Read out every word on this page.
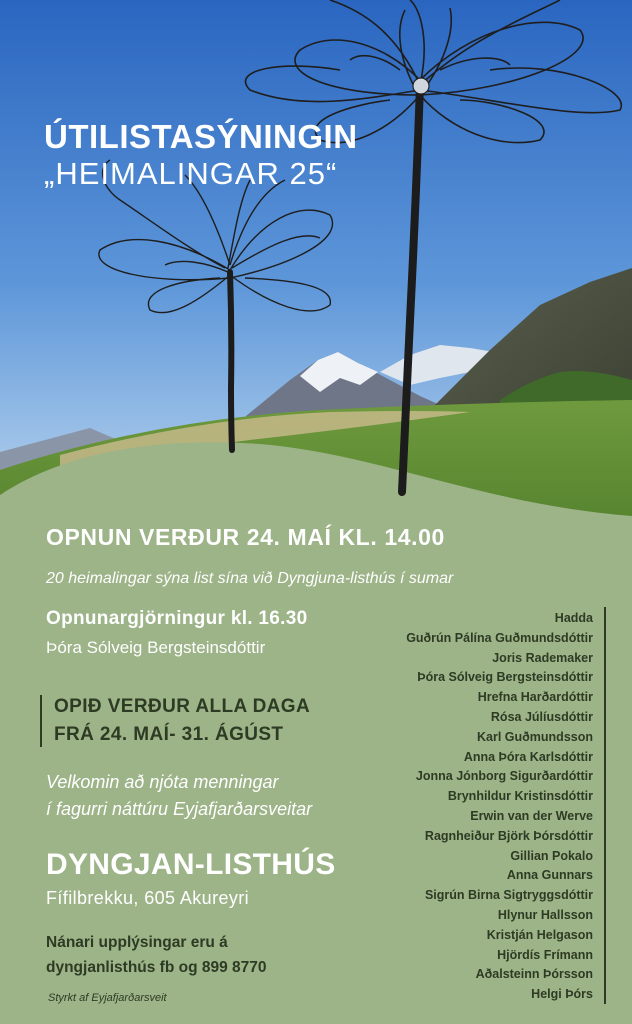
ÚTILISTASÝNINGIN
„HEIMALINGAR 25“
OPNUN VERÐUR 24. MAÍ KL. 14.00
20 heimalingar sýna list sína við Dyngjuna-listhús í sumar
Opnunargjörningur kl. 16.30
Þóra Sólveig Bergsteinsdóttir
OPIÐ VERÐUR ALLA DAGA
FRÁ 24. MAÍ- 31. ÁGÚST
Velkomin að njóta menningar
í fagurri náttúru Eyjafjarðarsveitar
DYNGJAN-LISTHÚS
Fífilbrekku, 605 Akureyri
Nánari upplýsingar eru á
dyngjanlisthús fb og 899 8770
Styrkt af Eyjafjarðarsveit
Hadda
Guðrún Pálína Guðmundsdóttir
Joris Rademaker
Þóra Sólveig Bergsteinsdóttir
Hrefna Harðardóttir
Rósa Júlíusdóttir
Karl Guðmundsson
Anna Þóra Karlsdóttir
Jonna Jónborg Sigurðardóttir
Brynhildur Kristinsdóttir
Erwin van der Werve
Ragnheiður Björk Þórsdóttir
Gillian Pokalo
Anna Gunnars
Sigrún Birna Sigtryggsdóttir
Hlynur Hallsson
Kristján Helgason
Hjördís Frímann
Aðalsteinn Þórsson
Helgi Þórs
